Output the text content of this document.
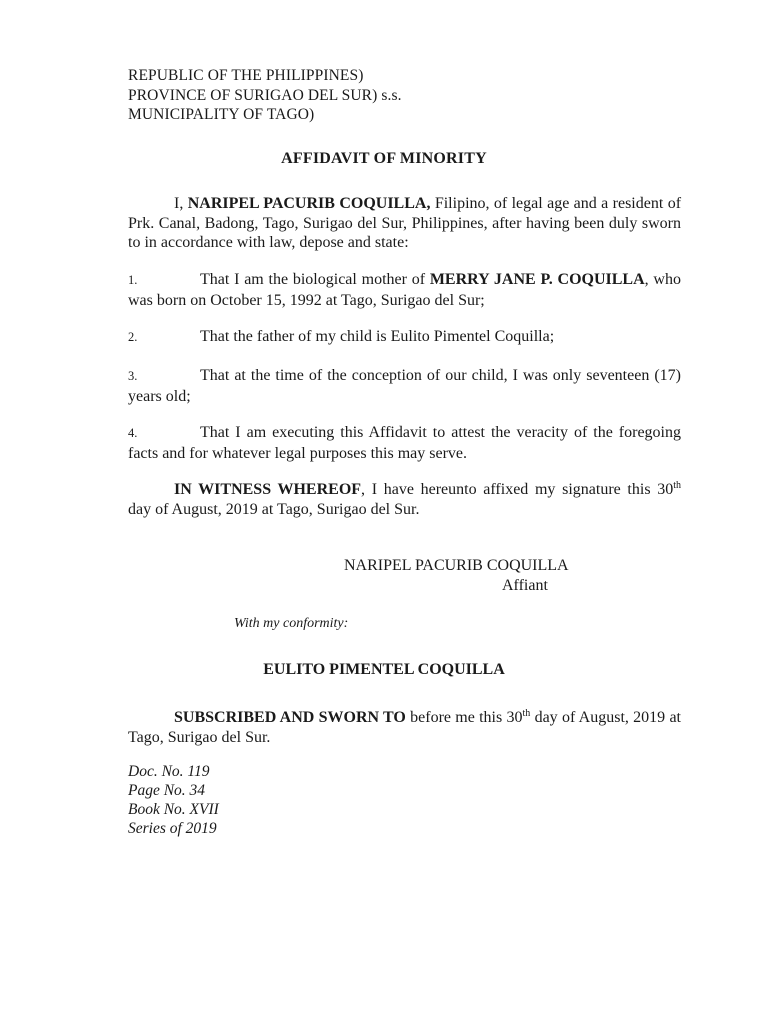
REPUBLIC OF THE PHILIPPINES)
PROVINCE OF SURIGAO DEL SUR) s.s.
MUNICIPALITY OF TAGO)
AFFIDAVIT OF MINORITY
I, NARIPEL PACURIB COQUILLA, Filipino, of legal age and a resident of Prk. Canal, Badong, Tago, Surigao del Sur, Philippines, after having been duly sworn to in accordance with law, depose and state:
1.	That I am the biological mother of MERRY JANE P. COQUILLA, who was born on October 15, 1992 at Tago, Surigao del Sur;
2.	That the father of my child is Eulito Pimentel Coquilla;
3.	That at the time of the conception of our child, I was only seventeen (17) years old;
4.	That I am executing this Affidavit to attest the veracity of the foregoing facts and for whatever legal purposes this may serve.
IN WITNESS WHEREOF, I have hereunto affixed my signature this 30th day of August, 2019 at Tago, Surigao del Sur.
NARIPEL PACURIB COQUILLA
Affiant
With my conformity:
EULITO PIMENTEL COQUILLA
SUBSCRIBED AND SWORN TO before me this 30th day of August, 2019 at Tago, Surigao del Sur.
Doc. No. 119
Page No. 34
Book No. XVII
Series of 2019
